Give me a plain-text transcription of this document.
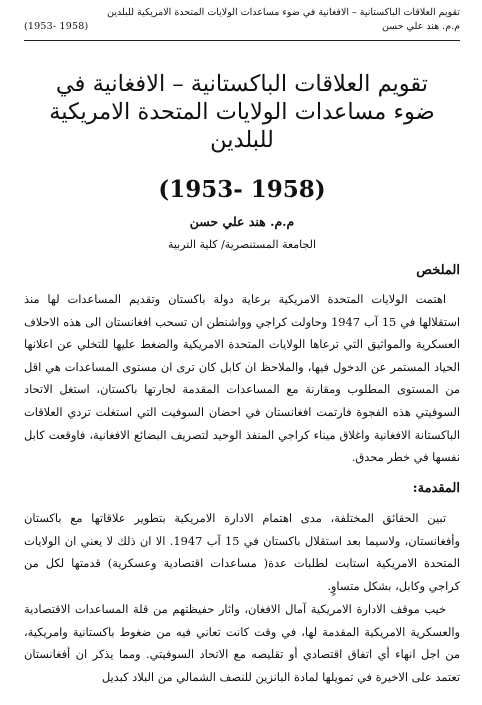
تقويم العلاقات الباكستانية – الافغانية في ضوء مساعدات الولايات المتحدة الامريكية للبلدين
م.م. هند علي حسن
(1953- 1958)
تقويم العلاقات الباكستانية – الافغانية في
ضوء مساعدات الولايات المتحدة الامريكية
للبلدين
(1953- 1958)
م.م. هند علي حسن
الجامعة المستنصرية/ كلية التربية
الملخص
اهتمت الولايات المتحدة الامريكية برعاية دولة باكستان وتقديم المساعدات لها منذ استقلالها في 15 آب 1947 وحاولت كراجي وواشنطن ان تسحب افغانستان الى هذه الاحلاف العسكرية والمواثيق التي ترعاها الولايات المتحدة الامريكية والضغط عليها للتخلي عن اعلانها الحياد المستمر عن الدخول فيها، والملاحظ ان كابل كان ترى ان مستوى المساعدات هي اقل من المستوى المطلوب ومقارنة مع المساعدات المقدمة لجارتها باكستان، استغل الاتحاد السوفيتي هذه الفجوة فارتمت افغانستان في احضان السوفيت التي استغلت تردي العلاقات الباكستانة الافغانية واغلاق ميناء كراجي المنفذ الوحيد لتصريف البضائع الافغانية، فاوقعت كابل نفسها في خطر محدق.
المقدمة:
تبين الحقائق المختلفة، مدى اهتمام الادارة الامريكية بتطوير علاقاتها مع باكستان وأفغانستان، ولاسيما بعد استقلال باكستان في 15 آب 1947. الا ان ذلك لا يعني ان الولايات المتحدة الامريكية استابت لطلبات عدة( مساعدات اقتصادية وعسكرية) قدمتها لكل من كراجي وكابل، بشكل متساوٍ.
خيب موقف الادارة الامريكية آمال الافغان، واثار حفيظتهم من قلة المساعدات الاقتصادية والعسكرية الامريكية المقدمة لها، في وقت كانت تعاني فيه من ضغوط باكستانية وامريكية، من اجل انهاء أي اتفاق اقتصادي أو تقليصه مع الاتحاد السوفيتي. ومما يذكر ان أفغانستان تعتمد على الاخيرة في تمويلها لمادة البانزين للنصف الشمالي من البلاد كبديل
